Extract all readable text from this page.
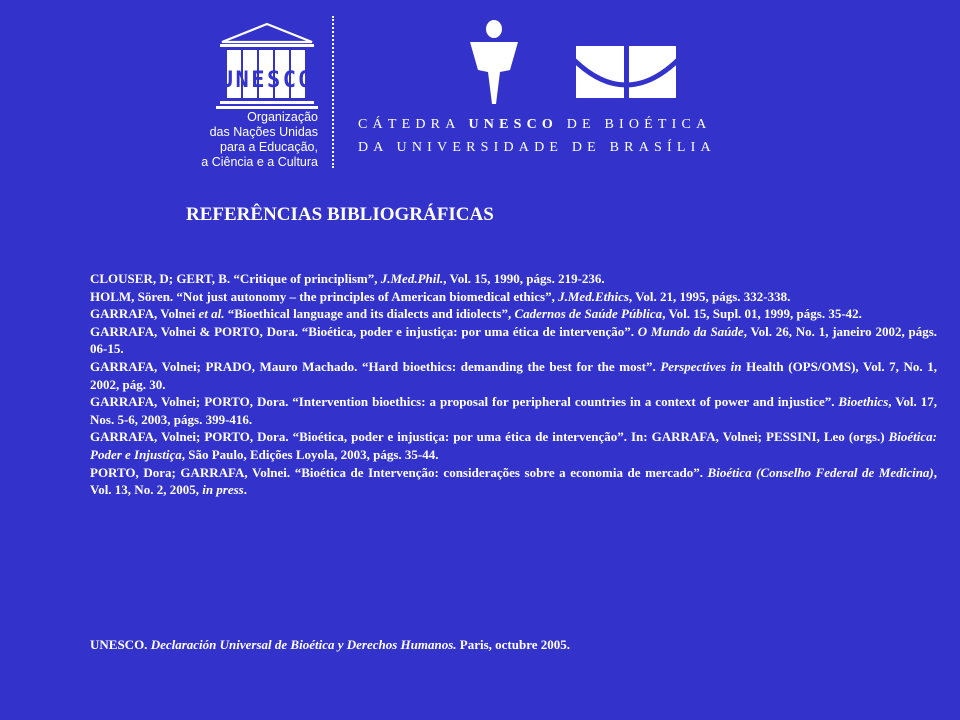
UNESCO
Organização
das Nações Unidas
para a Educação,
a Ciência e a Cultura
CÁTEDRA UNESCO DE BIOÉTICA
DA UNIVERSIDADE DE BRASÍLIA
REFERÊNCIAS BIBLIOGRÁFICAS

CLOUSER, D; GERT, B. “Critique of principlism”, J.Med.Phil., Vol. 15, 1990, págs. 219-236.

HOLM, Sören. “Not just autonomy – the principles of American biomedical ethics”, J.Med.Ethics, Vol. 21, 1995, págs. 332-338.

GARRAFA, Volnei et al. “Bioethical language and its dialects and idiolects”, Cadernos de Saúde Pública, Vol. 15, Supl. 01, 1999, págs. 35-42.

GARRAFA, Volnei & PORTO, Dora. “Bioética, poder e injustiça: por uma ética de intervenção”. O Mundo da Saúde, Vol. 26, No. 1, janeiro 2002, págs. 06-15.

GARRAFA, Volnei; PRADO, Mauro Machado. “Hard bioethics: demanding the best for the most”. Perspectives in Health (OPS/OMS), Vol. 7, No. 1, 2002, pág. 30.

GARRAFA, Volnei; PORTO, Dora. “Intervention bioethics: a proposal for peripheral countries in a context of power and injustice”. Bioethics, Vol. 17, Nos. 5-6, 2003, págs. 399-416.

GARRAFA, Volnei; PORTO, Dora. “Bioética, poder e injustiça: por uma ética de intervenção”. In: GARRAFA, Volnei; PESSINI, Leo (orgs.) Bioética: Poder e Injustiça, São Paulo, Edições Loyola, 2003, págs. 35-44.

PORTO, Dora; GARRAFA, Volnei. “Bioética de Intervenção: considerações sobre a economia de mercado”. Bioética (Conselho Federal de Medicina), Vol. 13, No. 2, 2005, in press.

UNESCO. Declaración Universal de Bioética y Derechos Humanos. Paris, octubre 2005.
